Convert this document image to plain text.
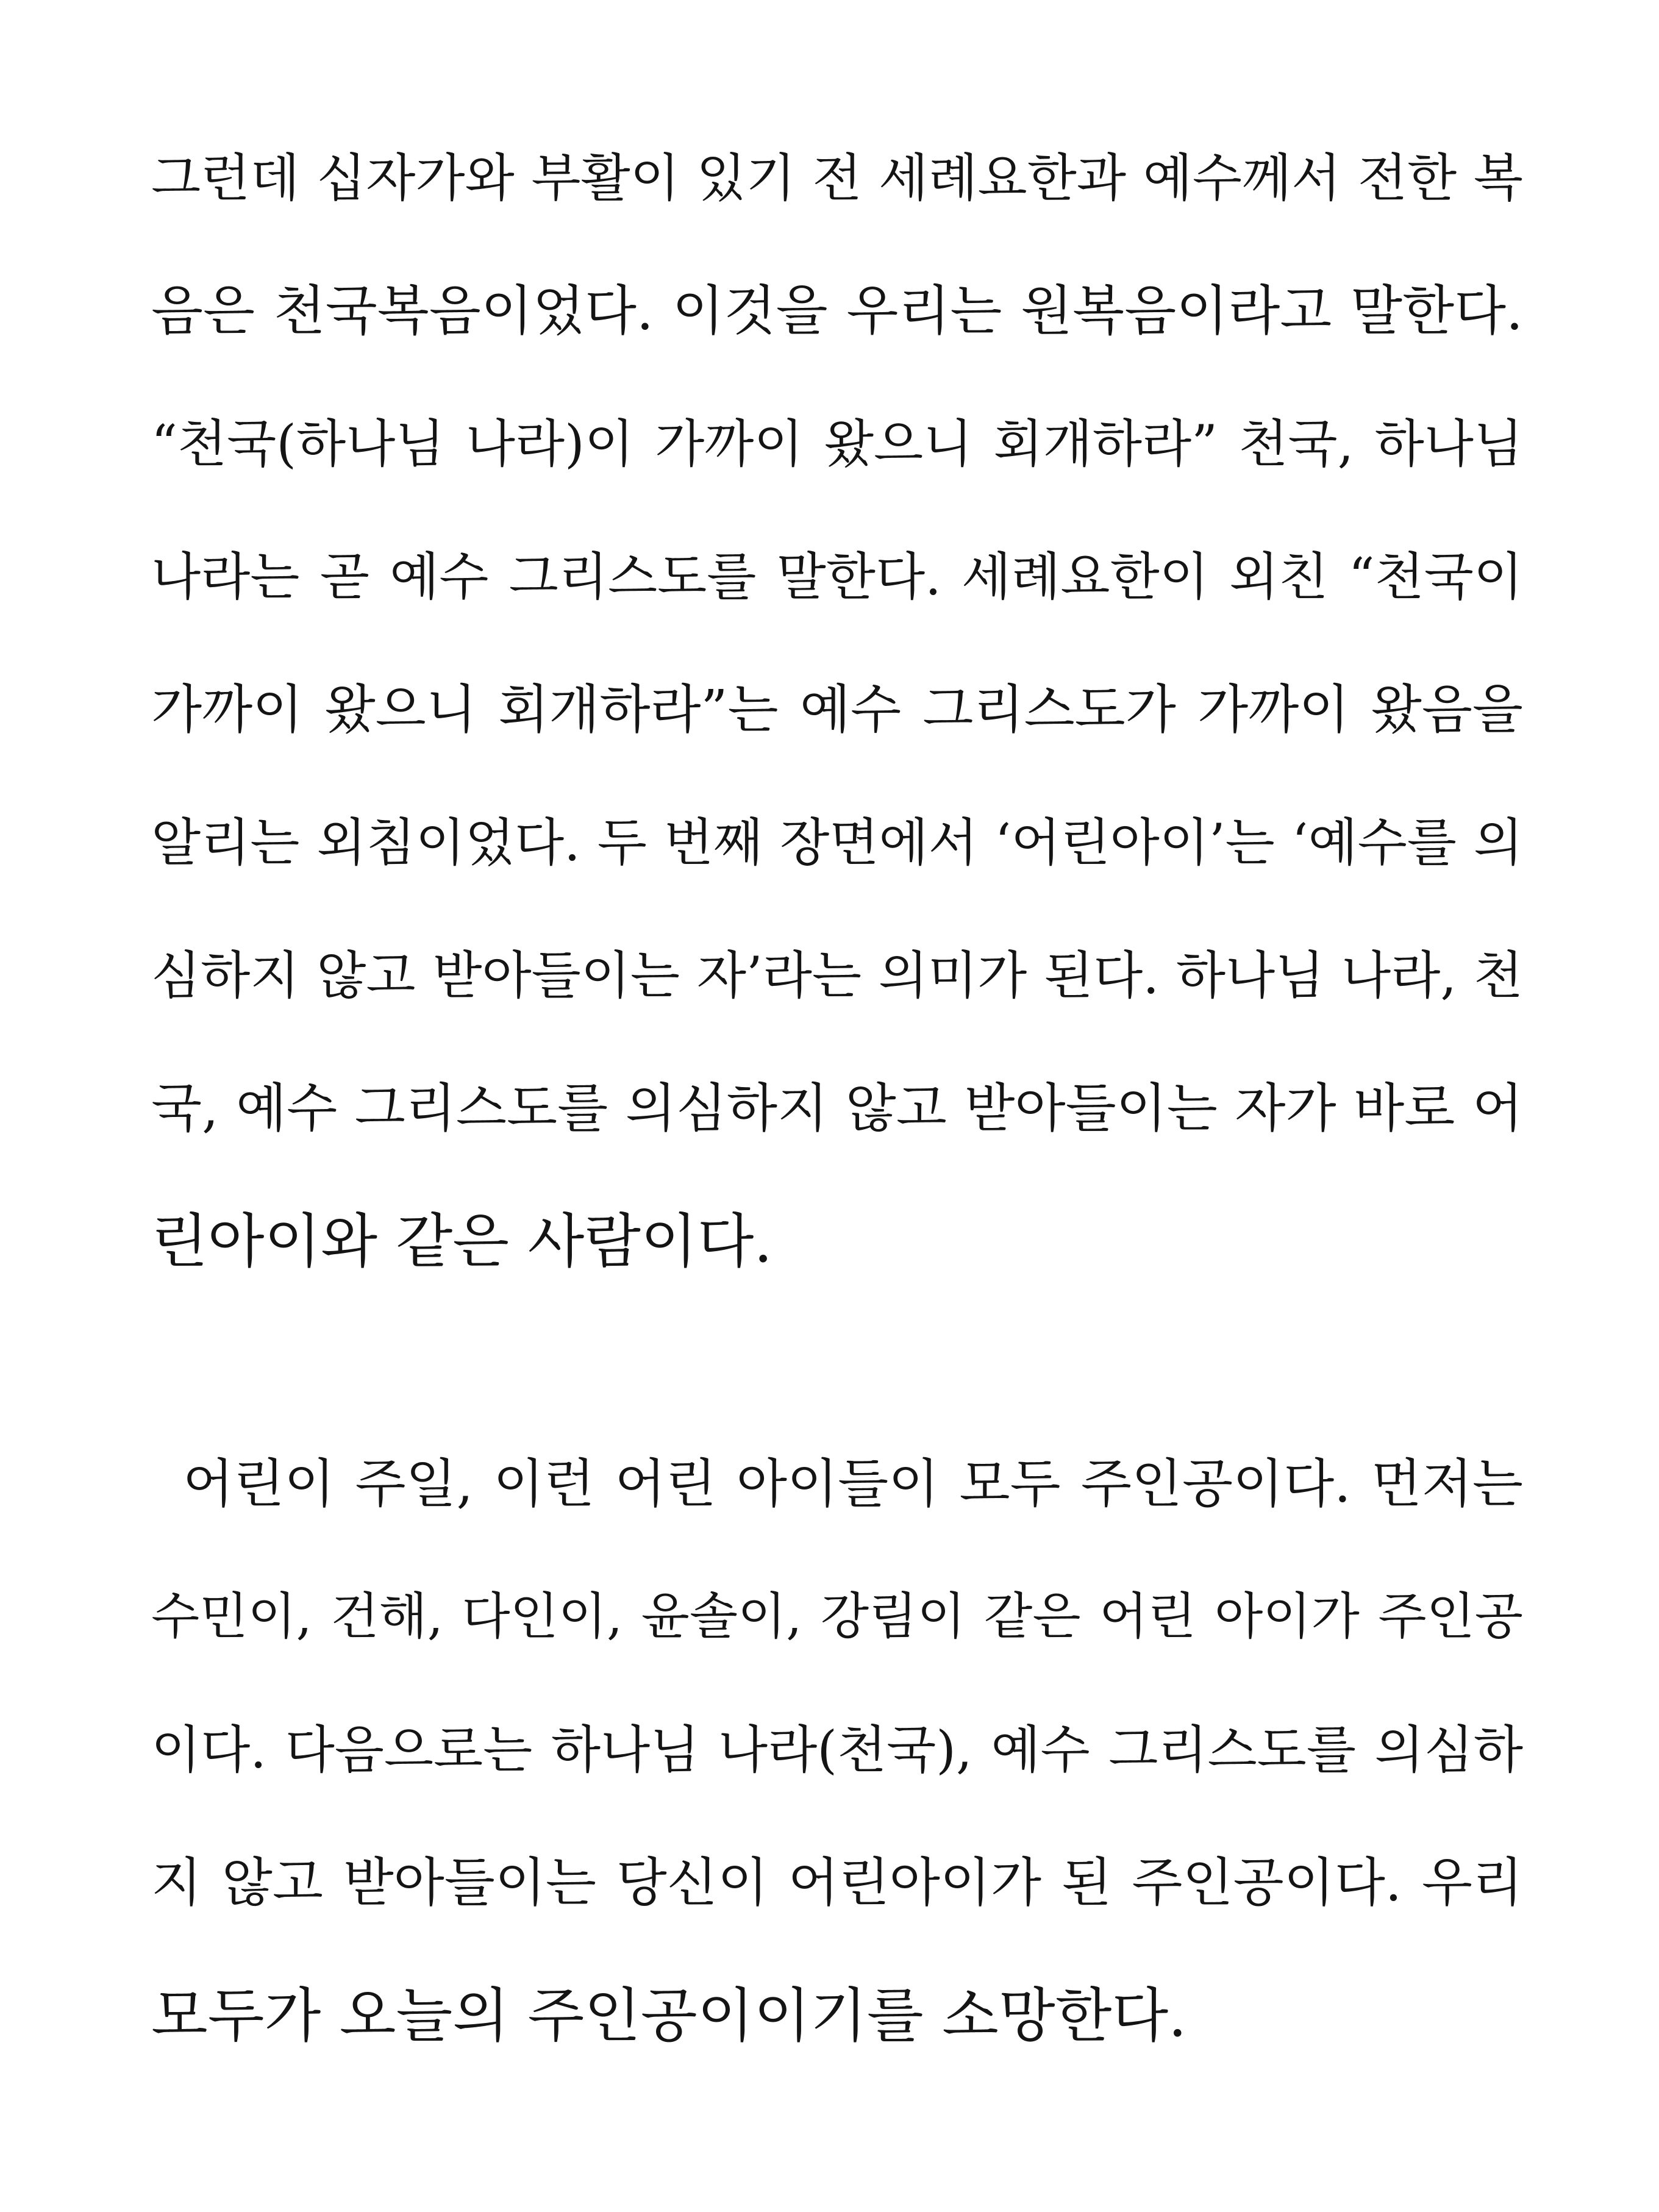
그런데 십자가와 부활이 있기 전 세례요한과 예수께서 전한 복
음은 천국복음이었다. 이것을 우리는 원복음이라고 말한다.
“천국(하나님 나라)이 가까이 왔으니 회개하라” 천국, 하나님
나라는 곧 예수 그리스도를 말한다. 세례요한이 외친 “천국이
가까이 왔으니 회개하라”는 예수 그리스도가 가까이 왔음을
알리는 외침이었다. 두 번째 장면에서 ‘어린아이’는 ‘예수를 의
심하지 않고 받아들이는 자’라는 의미가 된다. 하나님 나라, 천
국, 예수 그리스도를 의심하지 않고 받아들이는 자가 바로 어
린아이와 같은 사람이다.
어린이 주일, 이런 어린 아이들이 모두 주인공이다. 먼저는
수민이, 건해, 다인이, 윤솔이, 강림이 같은 어린 아이가 주인공
이다. 다음으로는 하나님 나라(천국), 예수 그리스도를 의심하
지 않고 받아들이는 당신이 어린아이가 된 주인공이다. 우리
모두가 오늘의 주인공이이기를 소망한다.
